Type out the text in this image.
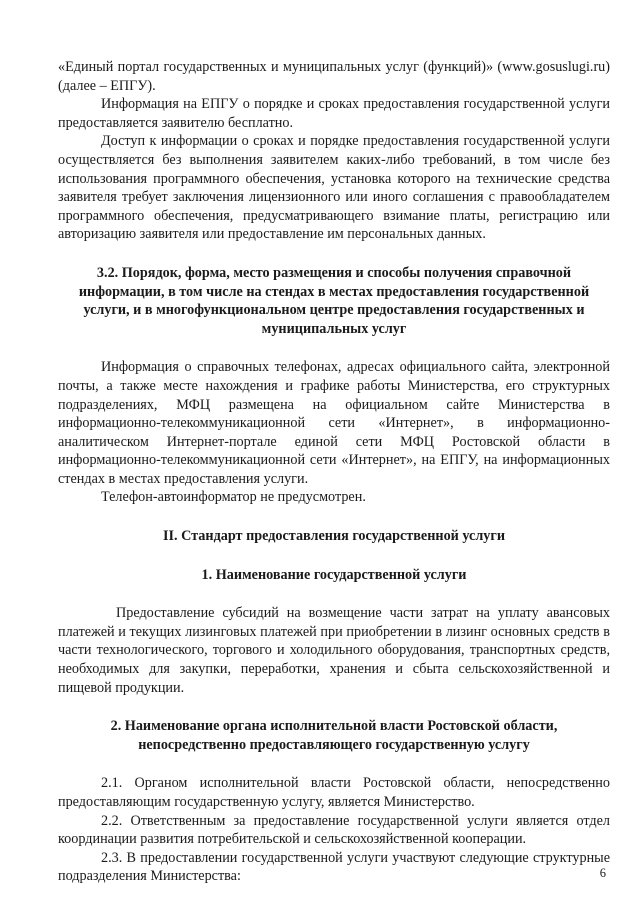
«Единый портал государственных и муниципальных услуг (функций)» (www.gosuslugi.ru) (далее – ЕПГУ).

Информация на ЕПГУ о порядке и сроках предоставления государственной услуги предоставляется заявителю бесплатно.

Доступ к информации о сроках и порядке предоставления государственной услуги осуществляется без выполнения заявителем каких-либо требований, в том числе без использования программного обеспечения, установка которого на технические средства заявителя требует заключения лицензионного или иного соглашения с правообладателем программного обеспечения, предусматривающего взимание платы, регистрацию или авторизацию заявителя или предоставление им персональных данных.

3.2. Порядок, форма, место размещения и способы получения справочной информации, в том числе на стендах в местах предоставления государственной услуги, и в многофункциональном центре предоставления государственных и муниципальных услуг

Информация о справочных телефонах, адресах официального сайта, электронной почты, а также месте нахождения и графике работы Министерства, его структурных подразделениях, МФЦ размещена на официальном сайте Министерства в информационно-телекоммуникационной сети «Интернет», в информационно-аналитическом Интернет-портале единой сети МФЦ Ростовской области в информационно-телекоммуникационной сети «Интернет», на ЕПГУ, на информационных стендах в местах предоставления услуги.

Телефон-автоинформатор не предусмотрен.

II. Стандарт предоставления государственной услуги

1. Наименование государственной услуги

Предоставление субсидий на возмещение части затрат на уплату авансовых платежей и текущих лизинговых платежей при приобретении в лизинг основных средств в части технологического, торгового и холодильного оборудования, транспортных средств, необходимых для закупки, переработки, хранения и сбыта сельскохозяйственной и пищевой продукции.

2. Наименование органа исполнительной власти Ростовской области, непосредственно предоставляющего государственную услугу

2.1. Органом исполнительной власти Ростовской области, непосредственно предоставляющим государственную услугу, является Министерство.

2.2. Ответственным за предоставление государственной услуги является отдел координации развития потребительской и сельскохозяйственной кооперации.

2.3. В предоставлении государственной услуги участвуют следующие структурные подразделения Министерства:	6
